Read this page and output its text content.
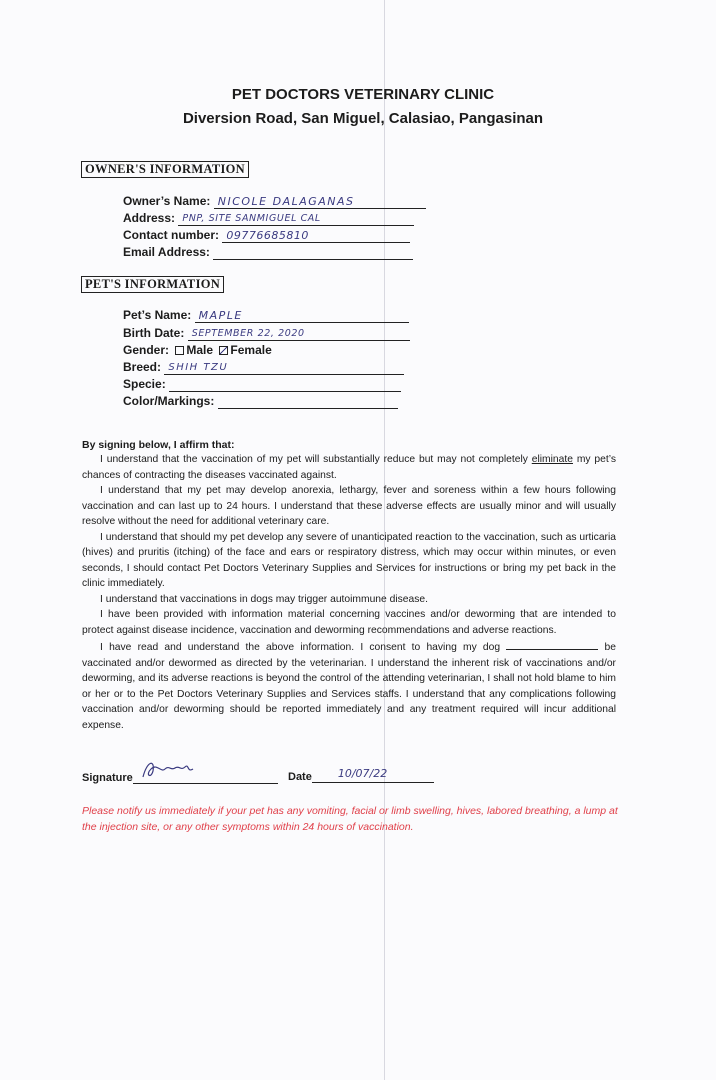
PET DOCTORS VETERINARY CLINIC
Diversion Road, San Miguel, Calasiao, Pangasinan
OWNER'S INFORMATION
Owner’s Name: NICOLE DALAGANAS
Address: PNP, SITE SANMIGUEL CAL
Contact number: 09776685810
Email Address:
PET'S INFORMATION
Pet’s Name: MAPLE
Birth Date: SEPTEMBER 22, 2020
Gender: Male Female
Breed: SHIH TZU
Specie:
Color/Markings:
By signing below, I affirm that:

I understand that the vaccination of my pet will substantially reduce but may not completely eliminate my pet’s chances of contracting the diseases vaccinated against.

I understand that my pet may develop anorexia, lethargy, fever and soreness within a few hours following vaccination and can last up to 24 hours. I understand that these adverse effects are usually minor and will usually resolve without the need for additional veterinary care.

I understand that should my pet develop any severe of unanticipated reaction to the vaccination, such as urticaria (hives) and pruritis (itching) of the face and ears or respiratory distress, which may occur within minutes, or even seconds, I should contact Pet Doctors Veterinary Supplies and Services for instructions or bring my pet back in the clinic immediately.

I understand that vaccinations in dogs may trigger autoimmune disease.

I have been provided with information material concerning vaccines and/or deworming that are intended to protect against disease incidence, vaccination and deworming recommendations and adverse reactions.

I have read and understand the above information. I consent to having my dog	be vaccinated and/or dewormed as directed by the veterinarian. I understand the inherent risk of vaccinations and/or deworming, and its adverse reactions is beyond the control of the attending veterinarian, I shall not hold blame to him or her or to the Pet Doctors Veterinary Supplies and Services staffs. I understand that any complications following vaccination and/or deworming should be reported immediately and any treatment required will incur additional expense.

Signature	Date 10/07/22
Please notify us immediately if your pet has any vomiting, facial or limb swelling, hives, labored breathing, a lump at the injection site, or any other symptoms within 24 hours of vaccination.
